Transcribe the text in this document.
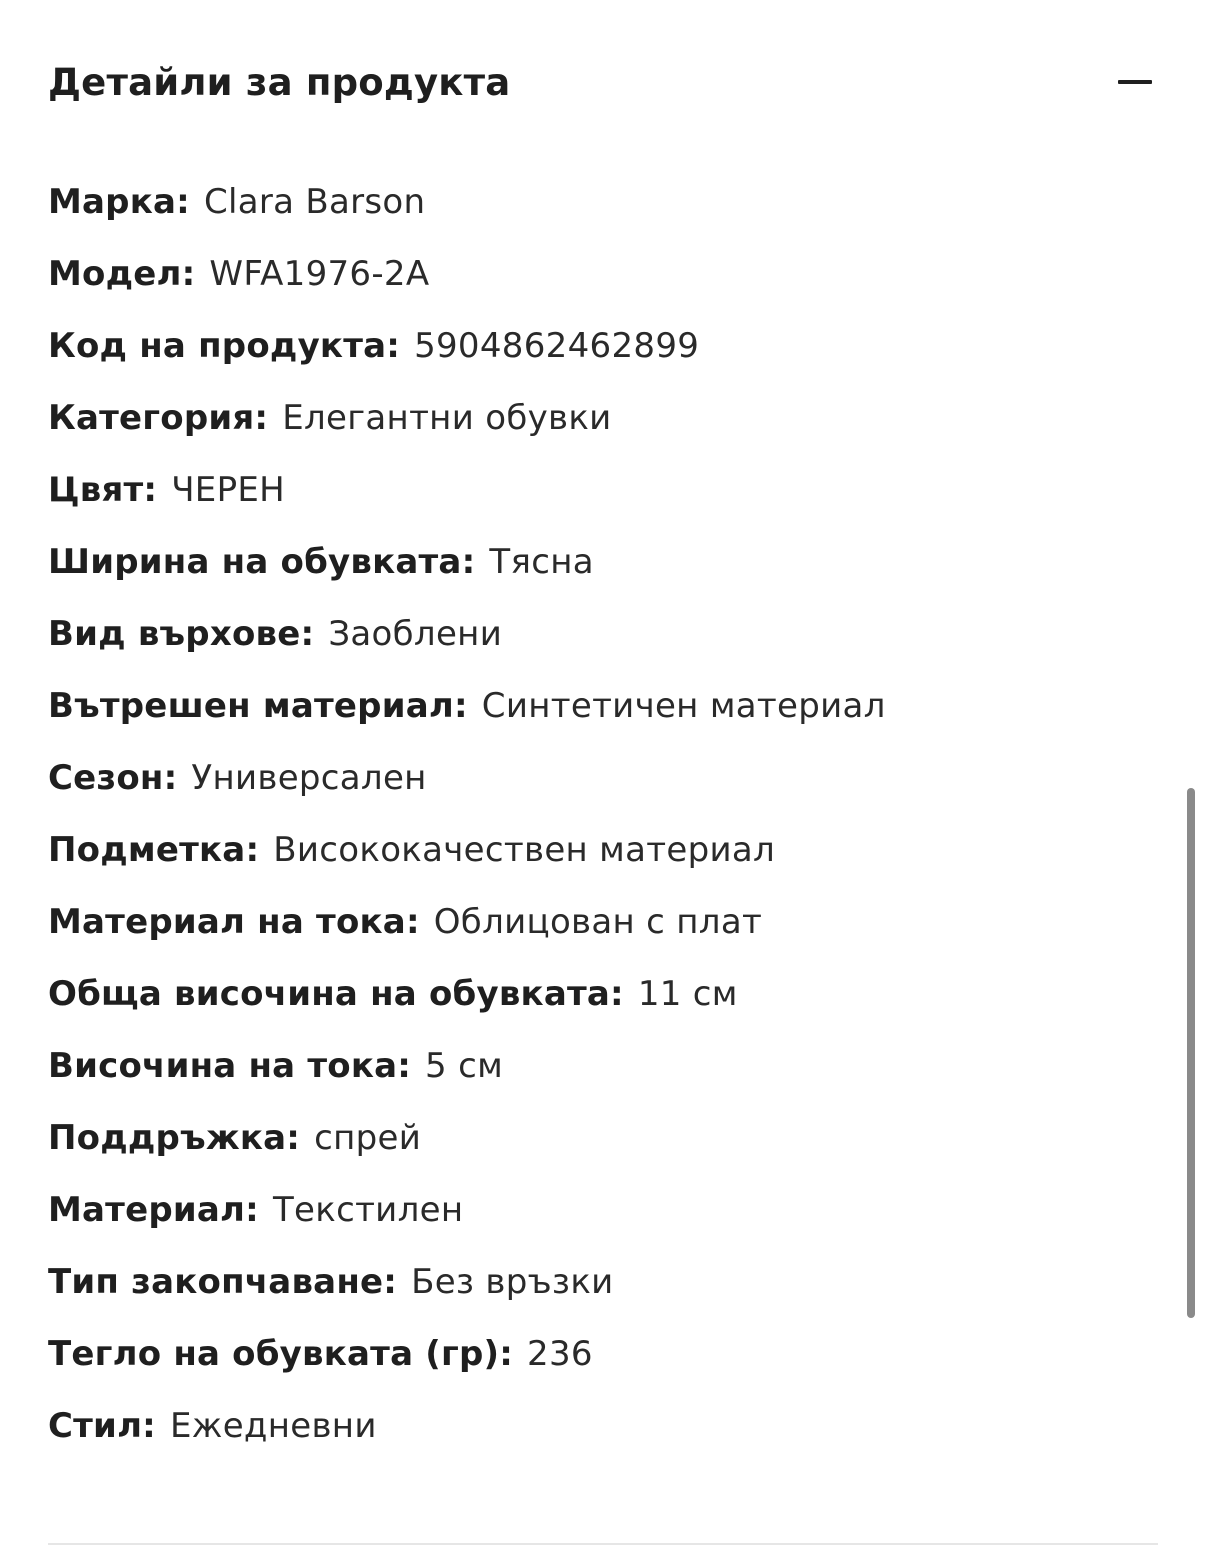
Детайли за продукта
Марка: Clara Barson
Модел: WFA1976-2A
Код на продукта: 5904862462899
Категория: Елегантни обувки
Цвят: ЧЕРЕН
Ширина на обувката: Тясна
Вид върхове: Заоблени
Вътрешен материал: Синтетичен материал
Сезон: Универсален
Подметка: Висококачествен материал
Материал на тока: Облицован с плат
Обща височина на обувката: 11 см
Височина на тока: 5 см
Поддръжка: спрей
Материал: Текстилен
Тип закопчаване: Без връзки
Тегло на обувката (гр): 236
Стил: Ежедневни
